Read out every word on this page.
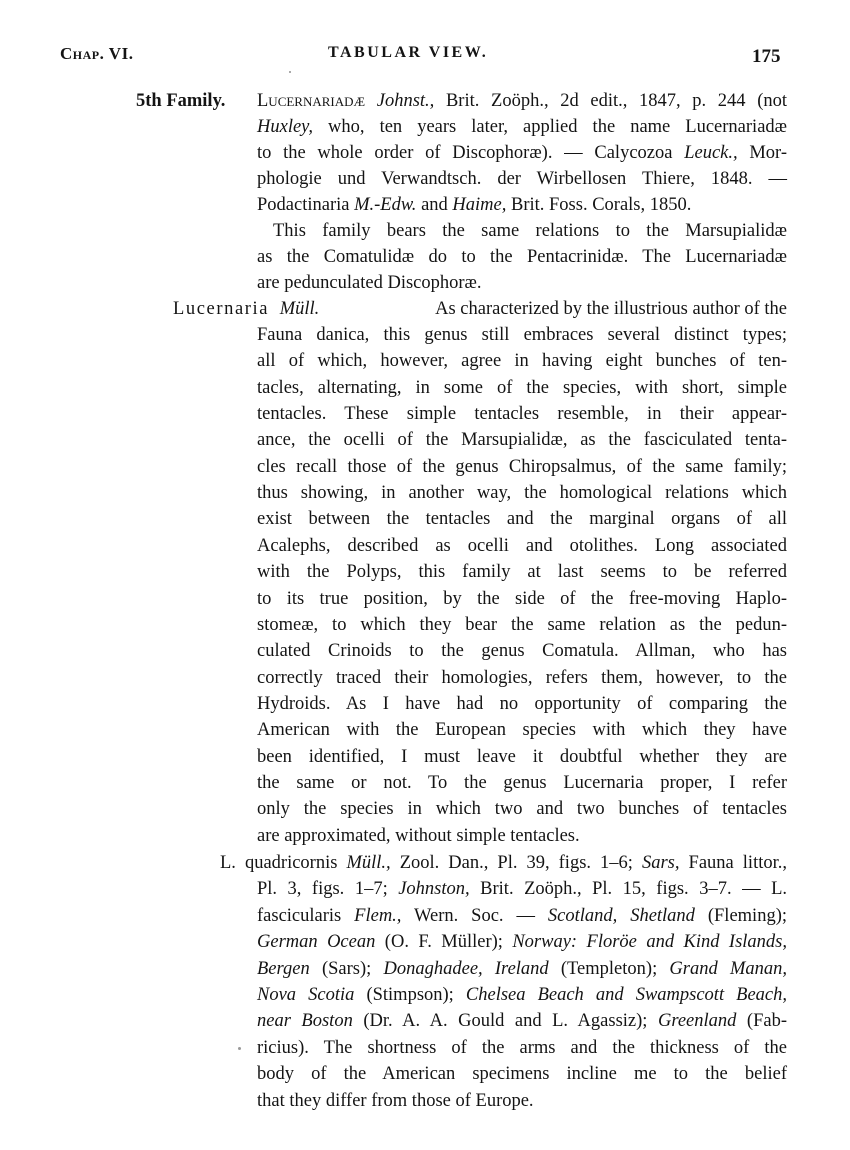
Chap. VI.	TABULAR VIEW.	175
5th Family. Lucernariadæ Johnst., Brit. Zoöph., 2d edit., 1847, p. 244 (not
Huxley, who, ten years later, applied the name Lucernariadæ
to the whole order of Discophoræ). — Calycozoa Leuck., Mor-
phologie und Verwandtsch. der Wirbellosen Thiere, 1848. —
Podactinaria M.-Edw. and Haime, Brit. Foss. Corals, 1850.
This family bears the same relations to the Marsupialidæ
as the Comatulidæ do to the Pentacrinidæ. The Lucernariadæ
are pedunculated Discophoræ.
Lucernaria Müll.	As characterized by the illustrious author of the
Fauna danica, this genus still embraces several distinct types;
all of which, however, agree in having eight bunches of ten-
tacles, alternating, in some of the species, with short, simple
tentacles. These simple tentacles resemble, in their appear-
ance, the ocelli of the Marsupialidæ, as the fasciculated tenta-
cles recall those of the genus Chiropsalmus, of the same family;
thus showing, in another way, the homological relations which
exist between the tentacles and the marginal organs of all
Acalephs, described as ocelli and otolithes. Long associated
with the Polyps, this family at last seems to be referred
to its true position, by the side of the free-moving Haplo-
stomeæ, to which they bear the same relation as the pedun-
culated Crinoids to the genus Comatula. Allman, who has
correctly traced their homologies, refers them, however, to the
Hydroids. As I have had no opportunity of comparing the
American with the European species with which they have
been identified, I must leave it doubtful whether they are
the same or not. To the genus Lucernaria proper, I refer
only the species in which two and two bunches of tentacles
are approximated, without simple tentacles.
L. quadricornis Müll., Zool. Dan., Pl. 39, figs. 1–6; Sars, Fauna littor.,
Pl. 3, figs. 1–7; Johnston, Brit. Zoöph., Pl. 15, figs. 3–7. — L.
fascicularis Flem., Wern. Soc. — Scotland, Shetland (Fleming);
German Ocean (O. F. Müller); Norway: Floröe and Kind Islands,
Bergen (Sars); Donaghadee, Ireland (Templeton); Grand Manan,
Nova Scotia (Stimpson); Chelsea Beach and Swampscott Beach,
near Boston (Dr. A. A. Gould and L. Agassiz); Greenland (Fab-
ricius). The shortness of the arms and the thickness of the
body of the American specimens incline me to the belief
that they differ from those of Europe.
